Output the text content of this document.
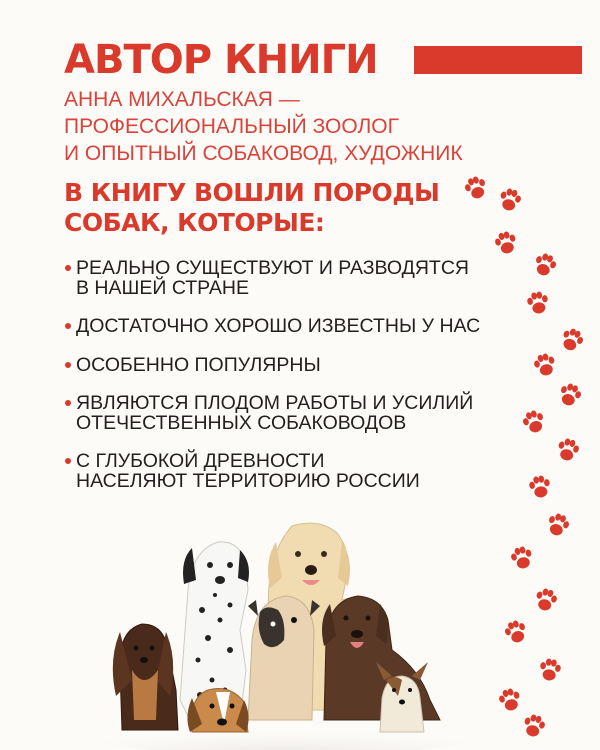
АВТОР КНИГИ
АННА МИХАЛЬСКАЯ —
ПРОФЕССИОНАЛЬНЫЙ ЗООЛОГ
И ОПЫТНЫЙ СОБАКОВОД, ХУДОЖНИК
В КНИГУ ВОШЛИ ПОРОДЫ
СОБАК, КОТОРЫЕ:
РЕАЛЬНО СУЩЕСТВУЮТ И РАЗВОДЯТСЯ
В НАШЕЙ СТРАНЕ
ДОСТАТОЧНО ХОРОШО ИЗВЕСТНЫ У НАС
ОСОБЕННО ПОПУЛЯРНЫ
ЯВЛЯЮТСЯ ПЛОДОМ РАБОТЫ И УСИЛИЙ
ОТЕЧЕСТВЕННЫХ СОБАКОВОДОВ
С ГЛУБОКОЙ ДРЕВНОСТИ
НАСЕЛЯЮТ ТЕРРИТОРИЮ РОССИИ
